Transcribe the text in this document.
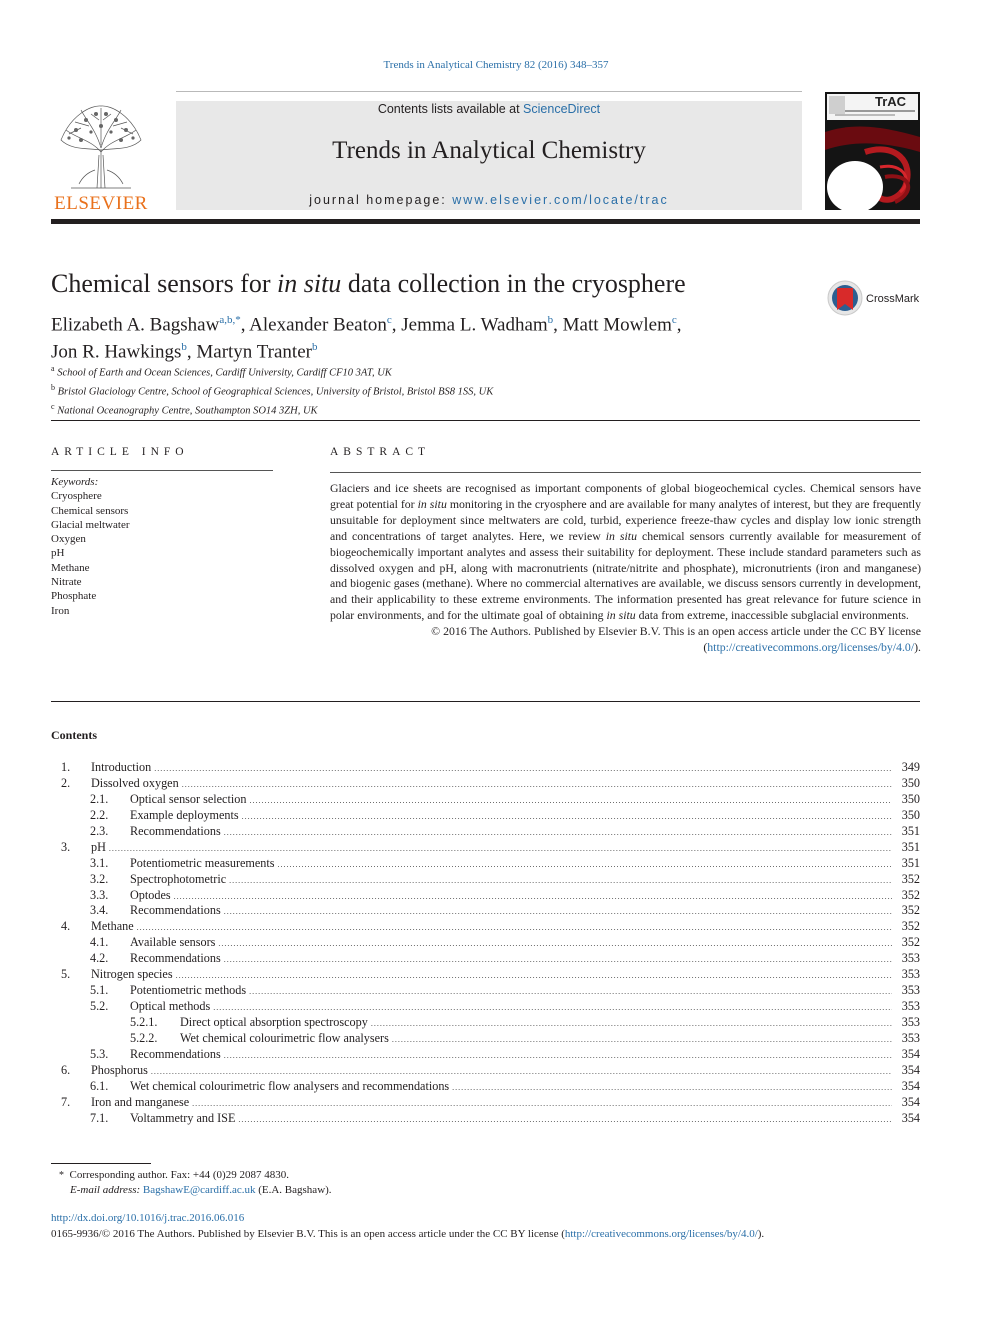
Trends in Analytical Chemistry 82 (2016) 348–357
ELSEVIER
Contents lists available at ScienceDirect
Trends in Analytical Chemistry
journal homepage: www.elsevier.com/locate/trac
TrAC
Chemical sensors for in situ data collection in the cryosphere
CrossMark
Elizabeth A. Bagshaw$^{a,b,*}$, Alexander Beaton$^c$, Jemma L. Wadham$^b$, Matt Mowlem$^c$,
Jon R. Hawkings$^b$, Martyn Tranter$^b$
$^a$ School of Earth and Ocean Sciences, Cardiff University, Cardiff CF10 3AT, UK
$^b$ Bristol Glaciology Centre, School of Geographical Sciences, University of Bristol, Bristol BS8 1SS, UK
$^c$ National Oceanography Centre, Southampton SO14 3ZH, UK
ARTICLE INFO
Keywords:
Cryosphere
Chemical sensors
Glacial meltwater
Oxygen
pH
Methane
Nitrate
Phosphate
Iron
ABSTRACT

Glaciers and ice sheets are recognised as important components of global biogeochemical cycles. Chemical sensors have great potential for in situ monitoring in the cryosphere and are available for many analytes of interest, but they are frequently unsuitable for deployment since meltwaters are cold, turbid, experience freeze-thaw cycles and display low ionic strength and concentrations of target analytes. Here, we review in situ chemical sensors currently available for measurement of biogeochemically important analytes and assess their suitability for deployment. These include standard parameters such as dissolved oxygen and pH, along with macronutrients (nitrate/nitrite and phosphate), micronutrients (iron and manganese) and biogenic gases (methane). Where no commercial alternatives are available, we discuss sensors currently in development, and their applicability to these extreme environments. The information presented has great relevance for future science in polar environments, and for the ultimate goal of obtaining in situ data from extreme, inaccessible subglacial environments.

© 2016 The Authors. Published by Elsevier B.V. This is an open access article under the CC BY license
(http://creativecommons.org/licenses/by/4.0/).

Contents
1. Introduction .....	349
2. Dissolved oxygen .....	350
2.1. Optical sensor selection .....	350
2.2. Example deployments .....	350
2.3. Recommendations .....	351
3. pH .....	351
3.1. Potentiometric measurements .....	351
3.2. Spectrophotometric .....	352
3.3. Optodes .....	352
3.4. Recommendations .....	352
4. Methane .....	352
4.1. Available sensors .....	352
4.2. Recommendations .....	353
5. Nitrogen species .....	353
5.1. Potentiometric methods .....	353
5.2. Optical methods .....	353
5.2.1. Direct optical absorption spectroscopy .....	353
5.2.2. Wet chemical colourimetric flow analysers .....	353
5.3. Recommendations .....	354
6. Phosphorus .....	354
6.1. Wet chemical colourimetric flow analysers and recommendations .....	354
7. Iron and manganese .....	354
7.1. Voltammetry and ISE .....	354
* Corresponding author. Fax: +44 (0)29 2087 4830.
E-mail address: BagshawE@cardiff.ac.uk (E.A. Bagshaw).
http://dx.doi.org/10.1016/j.trac.2016.06.016
0165-9936/© 2016 The Authors. Published by Elsevier B.V. This is an open access article under the CC BY license (http://creativecommons.org/licenses/by/4.0/).
